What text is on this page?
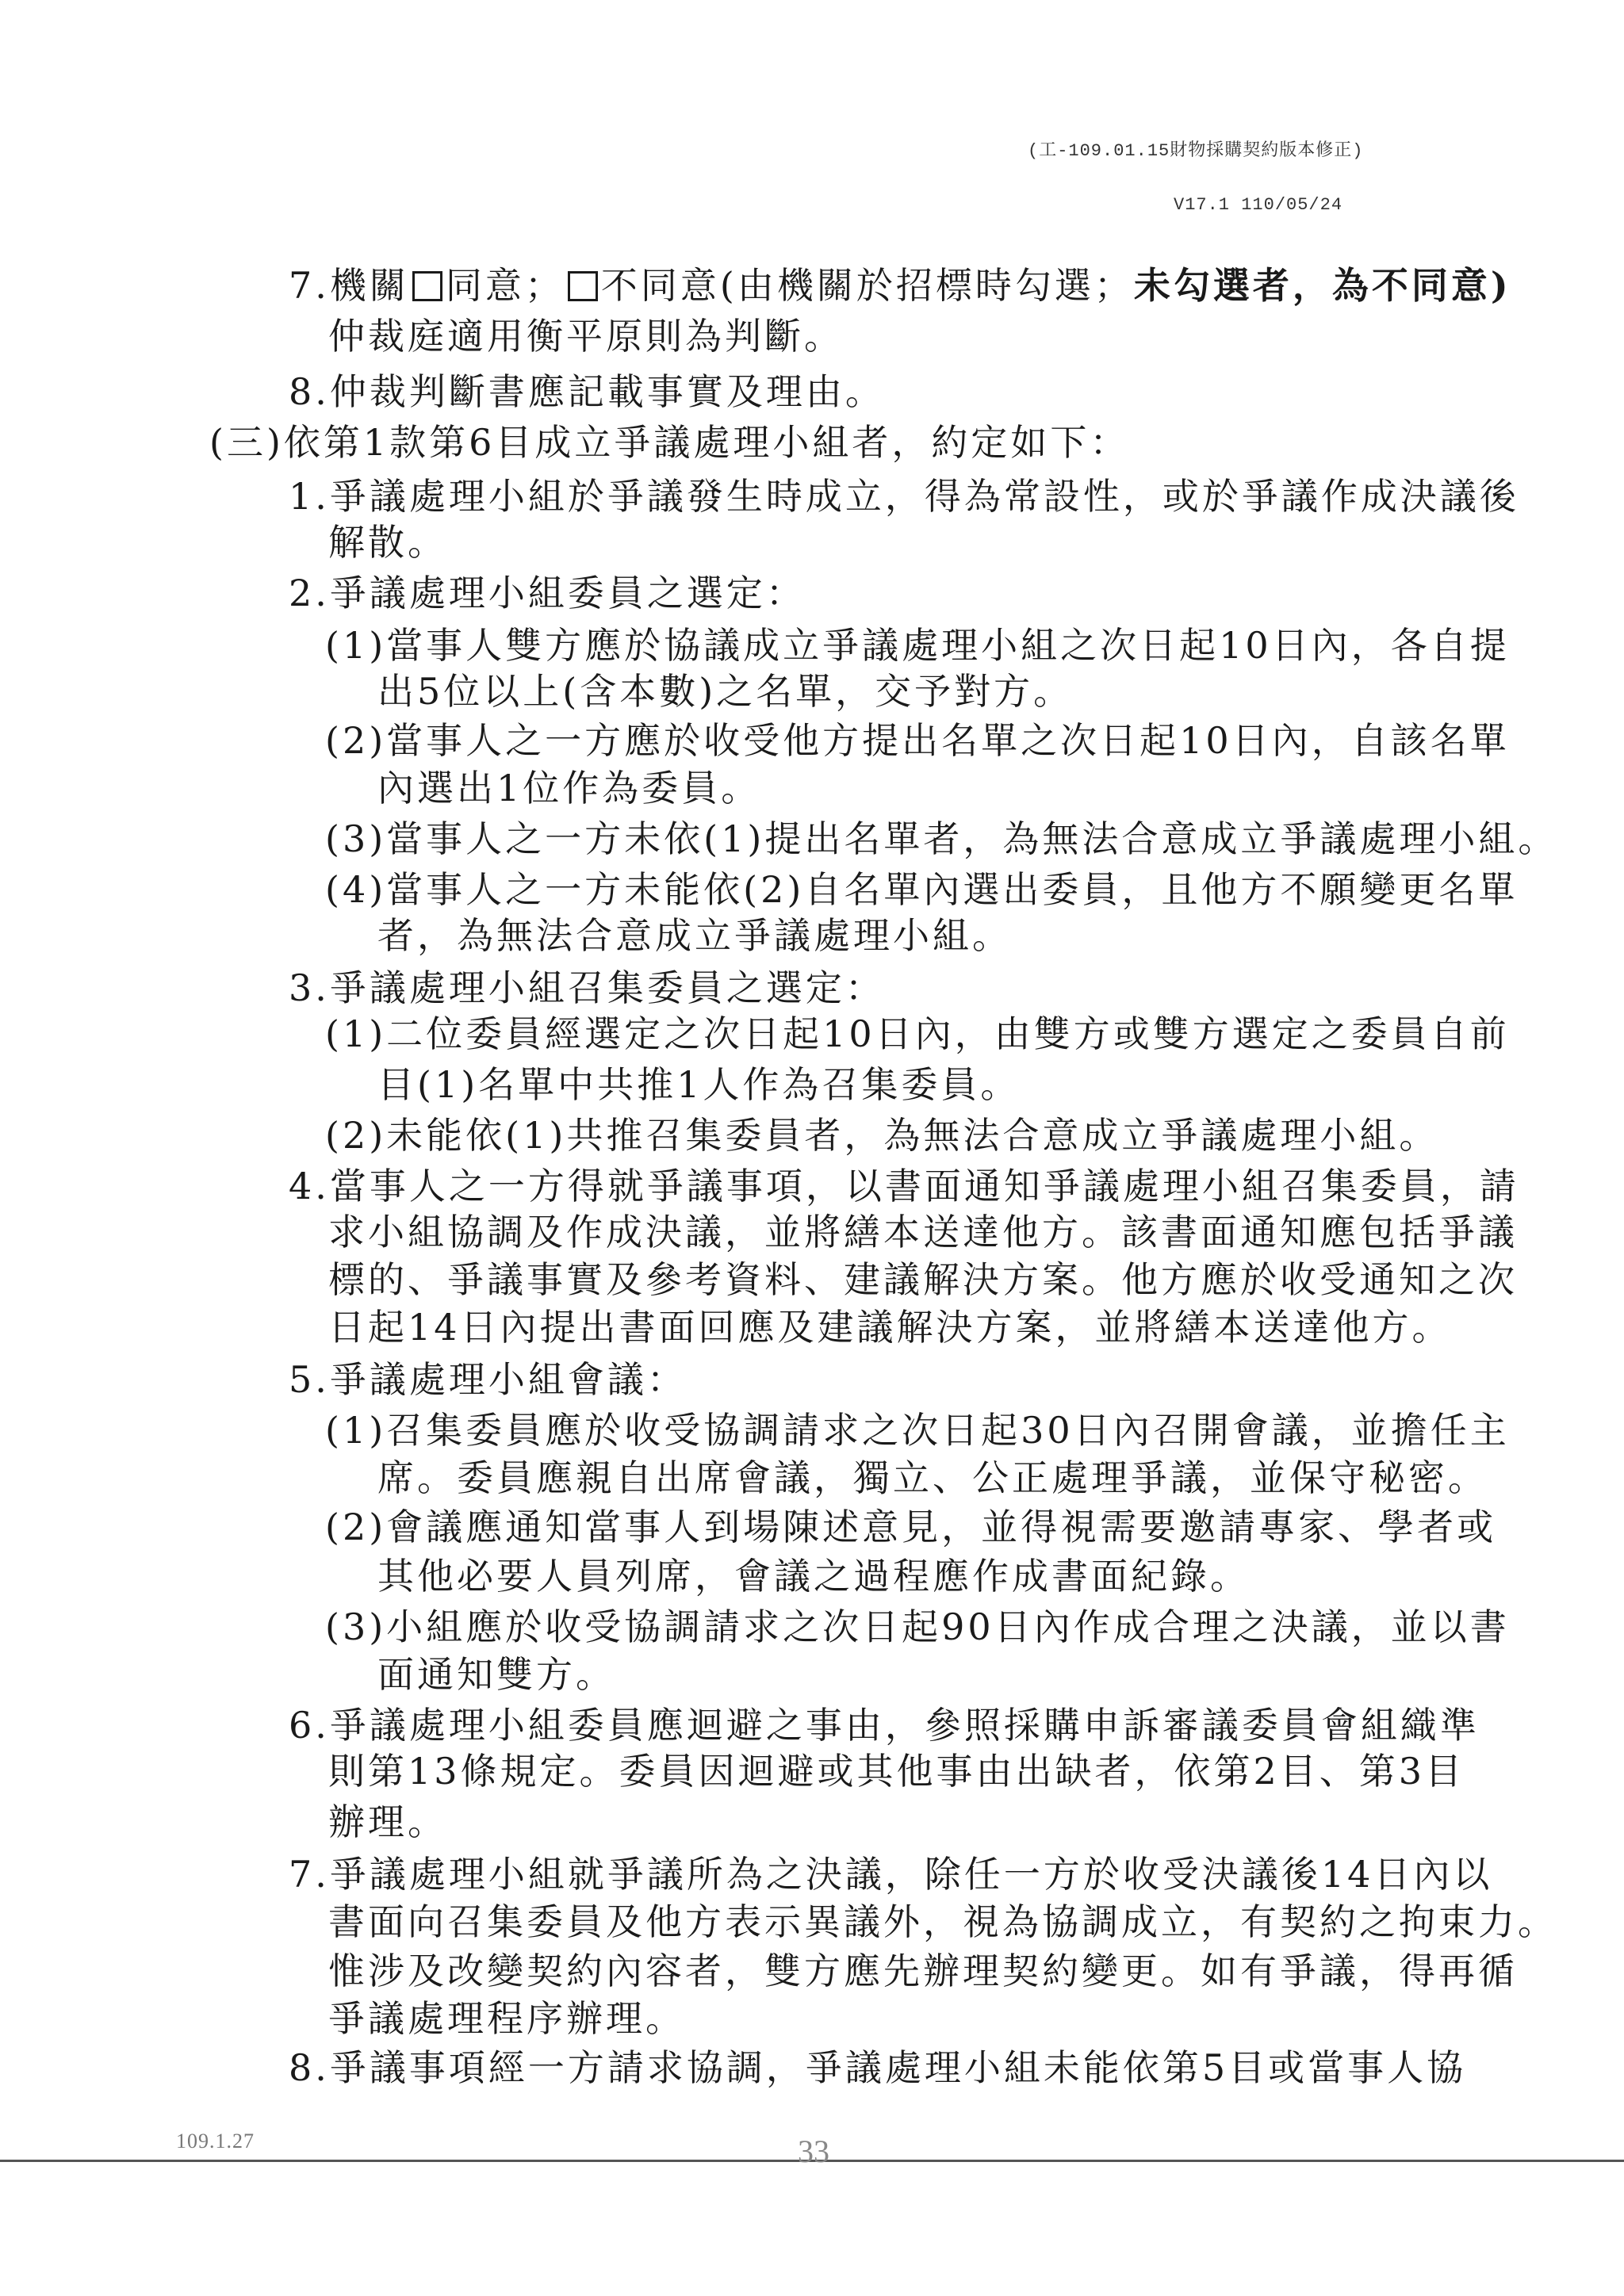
(工-109.01.15財物採購契約版本修正)
V17.1 110/05/24
7.機關 同意； 不同意(由機關於招標時勾選；未勾選者，為不同意)
仲裁庭適用衡平原則為判斷。
8.仲裁判斷書應記載事實及理由。
(三)依第1款第6目成立爭議處理小組者，約定如下：
1.爭議處理小組於爭議發生時成立，得為常設性，或於爭議作成決議後
解散。
2.爭議處理小組委員之選定：
(1)當事人雙方應於協議成立爭議處理小組之次日起10日內，各自提
出5位以上(含本數)之名單，交予對方。
(2)當事人之一方應於收受他方提出名單之次日起10日內，自該名單
內選出1位作為委員。
(3)當事人之一方未依(1)提出名單者，為無法合意成立爭議處理小組。
(4)當事人之一方未能依(2)自名單內選出委員，且他方不願變更名單
者，為無法合意成立爭議處理小組。
3.爭議處理小組召集委員之選定：
(1)二位委員經選定之次日起10日內，由雙方或雙方選定之委員自前
目(1)名單中共推1人作為召集委員。
(2)未能依(1)共推召集委員者，為無法合意成立爭議處理小組。
4.當事人之一方得就爭議事項，以書面通知爭議處理小組召集委員，請
求小組協調及作成決議，並將繕本送達他方。該書面通知應包括爭議
標的、爭議事實及參考資料、建議解決方案。他方應於收受通知之次
日起14日內提出書面回應及建議解決方案，並將繕本送達他方。
5.爭議處理小組會議：
(1)召集委員應於收受協調請求之次日起30日內召開會議，並擔任主
席。委員應親自出席會議，獨立、公正處理爭議，並保守秘密。
(2)會議應通知當事人到場陳述意見，並得視需要邀請專家、學者或
其他必要人員列席，會議之過程應作成書面紀錄。
(3)小組應於收受協調請求之次日起90日內作成合理之決議，並以書
面通知雙方。
6.爭議處理小組委員應迴避之事由，參照採購申訴審議委員會組織準
則第13條規定。委員因迴避或其他事由出缺者，依第2目、第3目
辦理。
7.爭議處理小組就爭議所為之決議，除任一方於收受決議後14日內以
書面向召集委員及他方表示異議外，視為協調成立，有契約之拘束力。
惟涉及改變契約內容者，雙方應先辦理契約變更。如有爭議，得再循
爭議處理程序辦理。
8.爭議事項經一方請求協調，爭議處理小組未能依第5目或當事人協
109.1.27	33
